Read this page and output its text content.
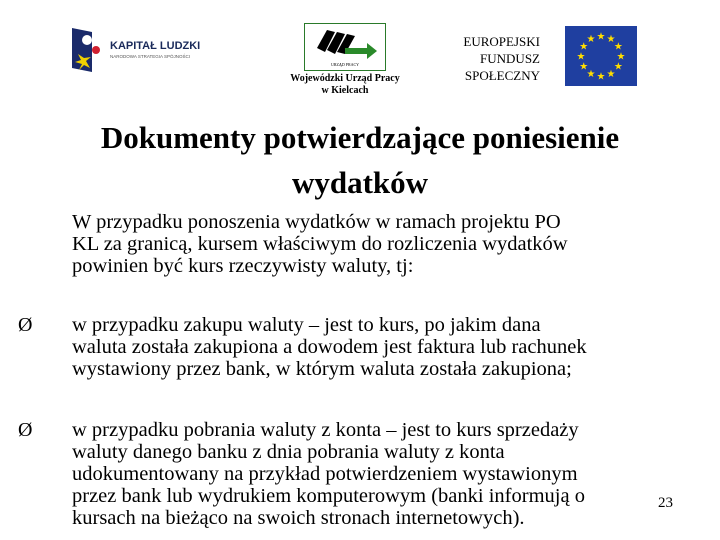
KAPITAŁ LUDZKI
NARODOWA STRATEGIA SPÓJNOŚCI
URZĄD PRACY
Wojewódzki Urząd Pracy
w Kielcach
EUROPEJSKI
FUNDUSZ
SPOŁECZNY
★ ★
★
★
★
★
★
★
★
★
★
★
Dokumenty potwierdzające poniesienie
wydatków
W przypadku ponoszenia wydatków w ramach projektu PO
KL za granicą, kursem właściwym do rozliczenia wydatków
powinien być kurs rzeczywisty waluty, tj:
Ø w przypadku zakupu waluty – jest to kurs, po jakim dana
waluta została zakupiona a dowodem jest faktura lub rachunek
wystawiony przez bank, w którym waluta została zakupiona;
Ø w przypadku pobrania waluty z konta – jest to kurs sprzedaży
waluty danego banku z dnia pobrania waluty z konta
udokumentowany na przykład potwierdzeniem wystawionym
przez bank lub wydrukiem komputerowym (banki informują o
kursach na bieżąco na swoich stronach internetowych).
23
